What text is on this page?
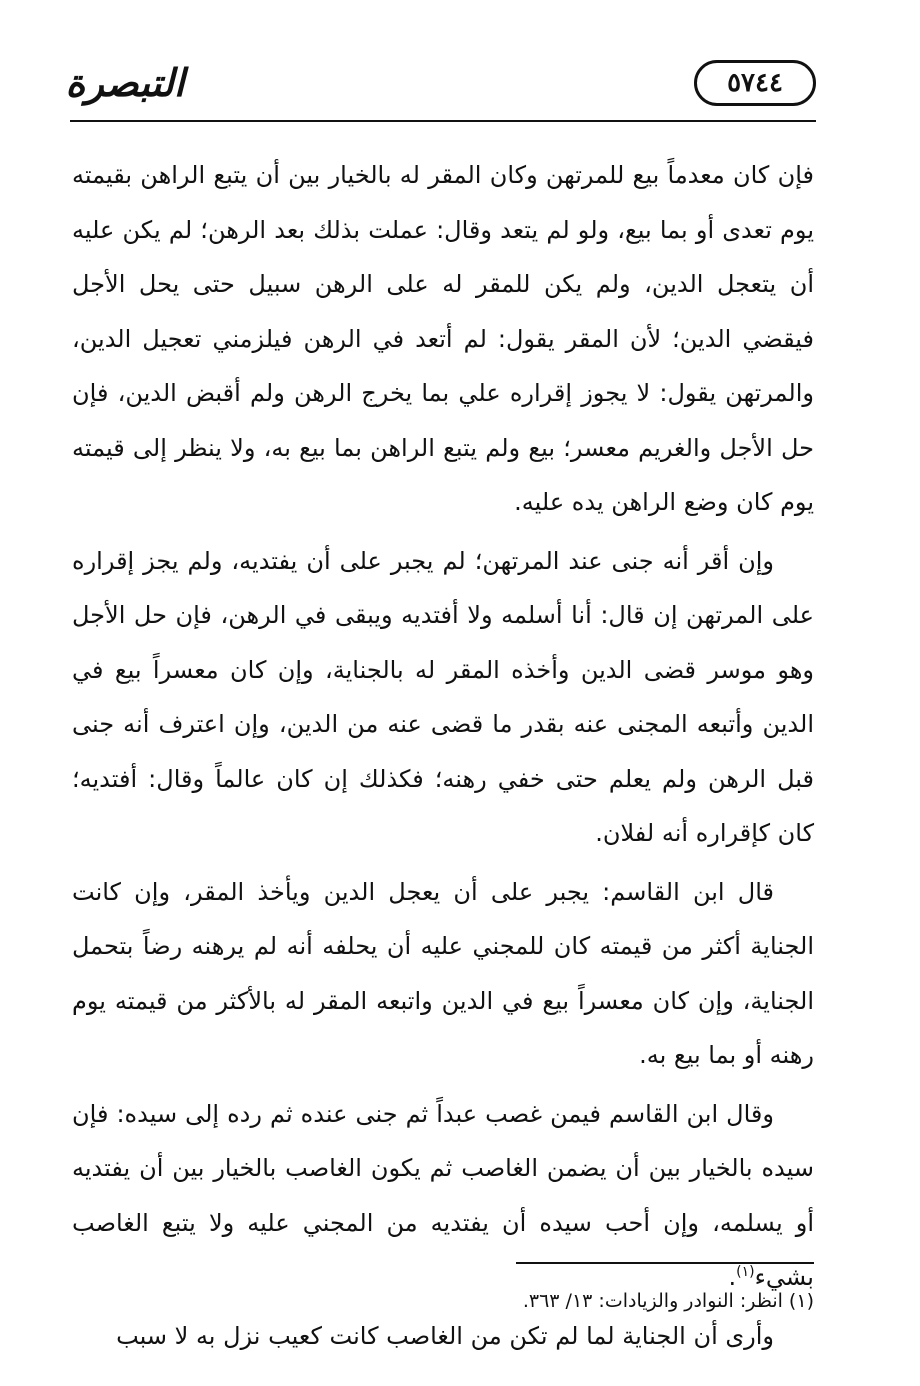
٥٧٤٤
التبصرة

فإن كان معدماً بيع للمرتهن وكان المقر له بالخيار بين أن يتبع الراهن بقيمته يوم تعدى أو بما بيع، ولو لم يتعد وقال: عملت بذلك بعد الرهن؛ لم يكن عليه أن يتعجل الدين، ولم يكن للمقر له على الرهن سبيل حتى يحل الأجل فيقضي الدين؛ لأن المقر يقول: لم أتعد في الرهن فيلزمني تعجيل الدين، والمرتهن يقول: لا يجوز إقراره علي بما يخرج الرهن ولم أقبض الدين، فإن حل الأجل والغريم معسر؛ بيع ولم يتبع الراهن بما بيع به، ولا ينظر إلى قيمته يوم كان وضع الراهن يده عليه.

وإن أقر أنه جنى عند المرتهن؛ لم يجبر على أن يفتديه، ولم يجز إقراره على المرتهن إن قال: أنا أسلمه ولا أفتديه ويبقى في الرهن، فإن حل الأجل وهو موسر قضى الدين وأخذه المقر له بالجناية، وإن كان معسراً بيع في الدين وأتبعه المجنى عنه بقدر ما قضى عنه من الدين، وإن اعترف أنه جنى قبل الرهن ولم يعلم حتى خفي رهنه؛ فكذلك إن كان عالماً وقال: أفتديه؛ كان كإقراره أنه لفلان.

قال ابن القاسم: يجبر على أن يعجل الدين ويأخذ المقر، وإن كانت الجناية أكثر من قيمته كان للمجني عليه أن يحلفه أنه لم يرهنه رضاً بتحمل الجناية، وإن كان معسراً بيع في الدين واتبعه المقر له بالأكثر من قيمته يوم رهنه أو بما بيع به.

وقال ابن القاسم فيمن غصب عبداً ثم جنى عنده ثم رده إلى سيده: فإن سيده بالخيار بين أن يضمن الغاصب ثم يكون الغاصب بالخيار بين أن يفتديه أو يسلمه، وإن أحب سيده أن يفتديه من المجني عليه ولا يتبع الغاصب بشيء$^{(١)}$.

وأرى أن الجناية لما لم تكن من الغاصب كانت كعيب نزل به لا سبب

(١) انظر: النوادر والزيادات: ١٣/ ٣٦٣.
